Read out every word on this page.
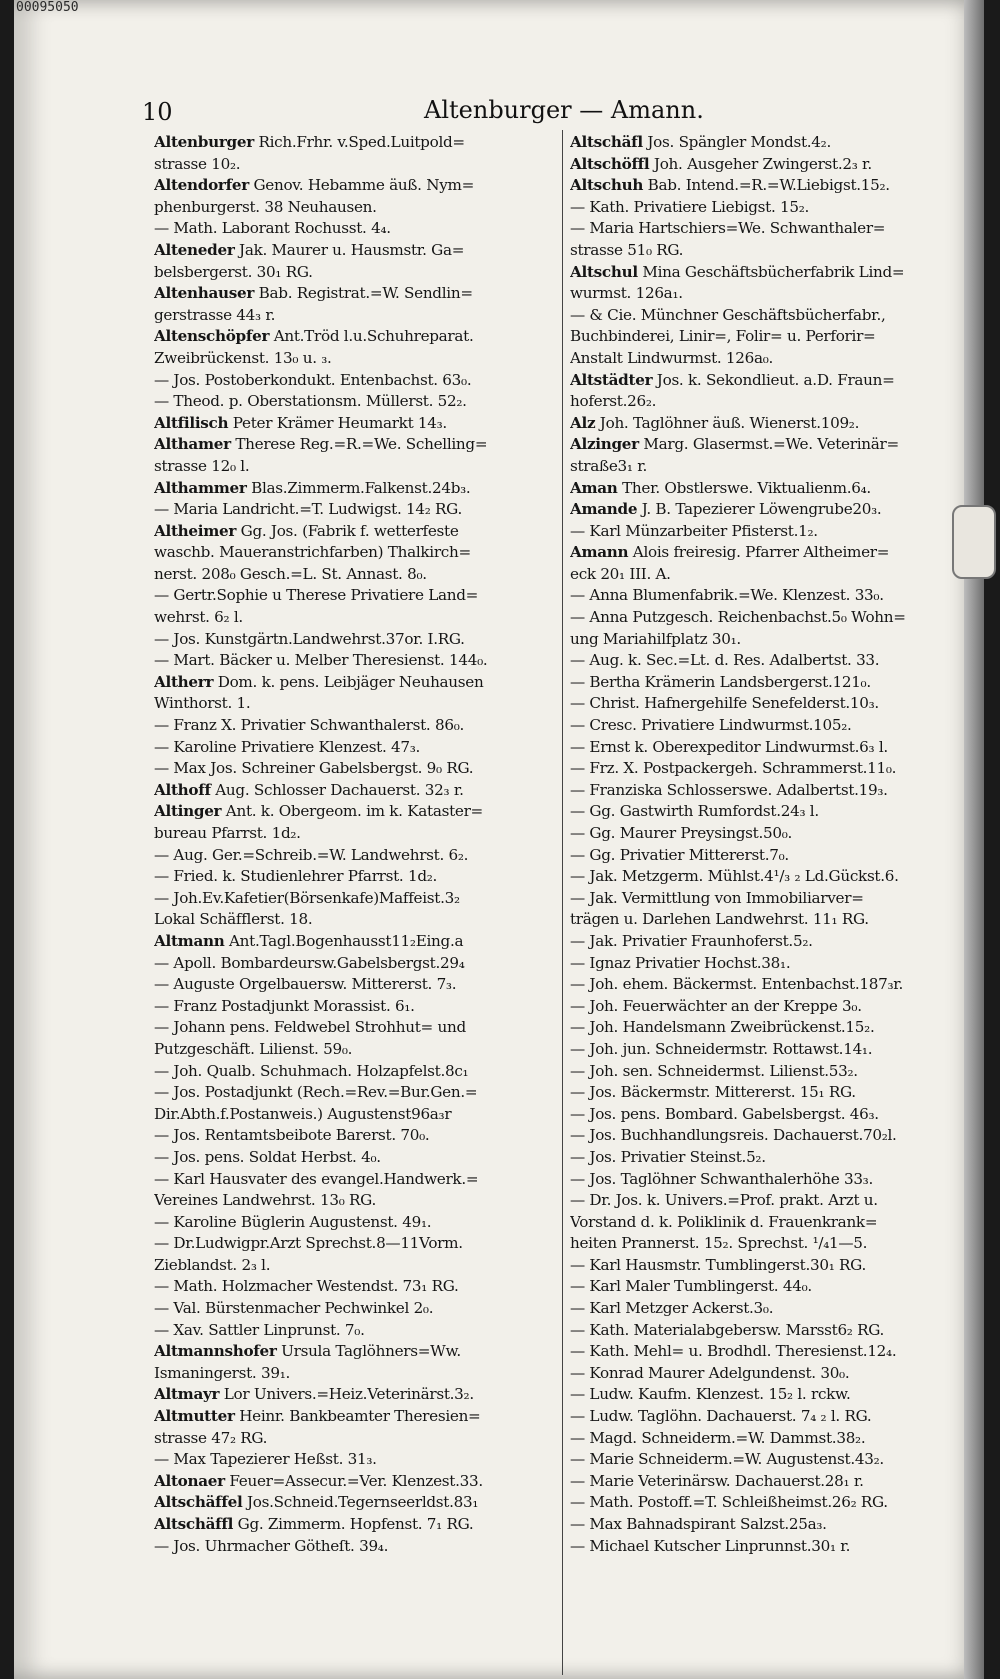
00095050
10	Altenburger — Amann.
Altenburger Rich.Frhr. v.Sped.Luitpold=
strasse 10₂.
Altendorfer Genov. Hebamme äuß. Nym=
phenburgerst. 38 Neuhausen.
— Math. Laborant Rochusst. 4₄.
Alteneder Jak. Maurer u. Hausmstr. Ga=
belsbergerst. 30₁ RG.
Altenhauser Bab. Registrat.=W. Sendlin=
gerstrasse 44₃ r.
Altenschöpfer Ant.Tröd l.u.Schuhreparat.
Zweibrückenst. 13₀ u. ₃.
— Jos. Postoberkondukt. Entenbachst. 63₀.
— Theod. p. Oberstationsm. Müllerst. 52₂.
Altfilisch Peter Krämer Heumarkt 14₃.
Althamer Therese Reg.=R.=We. Schelling=
strasse 12₀ l.
Althammer Blas.Zimmerm.Falkenst.24b₃.
— Maria Landricht.=T. Ludwigst. 14₂ RG.
Altheimer Gg. Jos. (Fabrik f. wetterfeste
waschb. Maueranstrichfarben) Thalkirch=
nerst. 208₀ Gesch.=L. St. Annast. 8₀.
— Gertr.Sophie u Therese Privatiere Land=
wehrst. 6₂ l.
— Jos. Kunstgärtn.Landwehrst.37or. I.RG.
— Mart. Bäcker u. Melber Theresienst. 144₀.
Altherr Dom. k. pens. Leibjäger Neuhausen
Winthorst. 1.
— Franz X. Privatier Schwanthalerst. 86₀.
— Karoline Privatiere Klenzest. 47₃.
— Max Jos. Schreiner Gabelsbergst. 9₀ RG.
Althoff Aug. Schlosser Dachauerst. 32₃ r.
Altinger Ant. k. Obergeom. im k. Kataster=
bureau Pfarrst. 1d₂.
— Aug. Ger.=Schreib.=W. Landwehrst. 6₂.
— Fried. k. Studienlehrer Pfarrst. 1d₂.
— Joh.Ev.Kafetier(Börsenkafe)Maffeist.3₂
Lokal Schäfflerst. 18.
Altmann Ant.Tagl.Bogenhausst11₂Eing.a
— Apoll. Bombardeursw.Gabelsbergst.29₄
— Auguste Orgelbauersw. Mittererst. 7₃.
— Franz Postadjunkt Morassist. 6₁.
— Johann pens. Feldwebel Strohhut= und
Putzgeschäft. Lilienst. 59₀.
— Joh. Qualb. Schuhmach. Holzapfelst.8c₁
— Jos. Postadjunkt (Rech.=Rev.=Bur.Gen.=
Dir.Abth.f.Postanweis.) Augustenst96a₃r
— Jos. Rentamtsbeibote Barerst. 70₀.
— Jos. pens. Soldat Herbst. 4₀.
— Karl Hausvater des evangel.Handwerk.=
Vereines Landwehrst. 13₀ RG.
— Karoline Büglerin Augustenst. 49₁.
— Dr.Ludwigpr.Arzt Sprechst.8—11Vorm.
Zieblandst. 2₃ l.
— Math. Holzmacher Westendst. 73₁ RG.
— Val. Bürstenmacher Pechwinkel 2₀.
— Xav. Sattler Linprunst. 7₀.
Altmannshofer Ursula Taglöhners=Ww.
Ismaningerst. 39₁.
Altmayr Lor Univers.=Heiz.Veterinärst.3₂.
Altmutter Heinr. Bankbeamter Theresien=
strasse 47₂ RG.
— Max Tapezierer Heßst. 31₃.
Altonaer Feuer=Assecur.=Ver. Klenzest.33.
Altschäffel Jos.Schneid.Tegernseerldst.83₁
Altschäffl Gg. Zimmerm. Hopfenst. 7₁ RG.
— Jos. Uhrmacher Götheſt. 39₄.
Altschäfl Jos. Spängler Mondst.4₂.
Altschöffl Joh. Ausgeher Zwingerst.2₃ r.
Altschuh Bab. Intend.=R.=W.Liebigst.15₂.
— Kath. Privatiere Liebigst. 15₂.
— Maria Hartschiers=We. Schwanthaler=
strasse 51₀ RG.
Altschul Mina Geschäftsbücherfabrik Lind=
wurmst. 126a₁.
— & Cie. Münchner Geschäftsbücherfabr.,
Buchbinderei, Linir=, Folir= u. Perforir=
Anstalt Lindwurmst. 126a₀.
Altstädter Jos. k. Sekondlieut. a.D. Fraun=
hoferst.26₂.
Alz Joh. Taglöhner äuß. Wienerst.109₂.
Alzinger Marg. Glasermst.=We. Veterinär=
straße3₁ r.
Aman Ther. Obstlerswe. Viktualienm.6₄.
Amande J. B. Tapezierer Löwengrube20₃.
— Karl Münzarbeiter Pfisterst.1₂.
Amann Alois freiresig. Pfarrer Altheimer=
eck 20₁ III. A.
— Anna Blumenfabrik.=We. Klenzest. 33₀.
— Anna Putzgesch. Reichenbachst.5₀ Wohn=
ung Mariahilfplatz 30₁.
— Aug. k. Sec.=Lt. d. Res. Adalbertst. 33.
— Bertha Krämerin Landsbergerst.121₀.
— Christ. Hafnergehilfe Senefelderst.10₃.
— Cresc. Privatiere Lindwurmst.105₂.
— Ernst k. Oberexpeditor Lindwurmst.6₃ l.
— Frz. X. Postpackergeh. Schrammerst.11₀.
— Franziska Schlosserswe. Adalbertst.19₃.
— Gg. Gastwirth Rumfordst.24₃ l.
— Gg. Maurer Preysingst.50₀.
— Gg. Privatier Mittererst.7₀.
— Jak. Metzgerm. Mühlst.4¹/₃ ₂ Ld.Gückst.6.
— Jak. Vermittlung von Immobiliarver=
trägen u. Darlehen Landwehrst. 11₁ RG.
— Jak. Privatier Fraunhoferst.5₂.
— Ignaz Privatier Hochst.38₁.
— Joh. ehem. Bäckermst. Entenbachst.187₃r.
— Joh. Feuerwächter an der Kreppe 3₀.
— Joh. Handelsmann Zweibrückenst.15₂.
— Joh. jun. Schneidermstr. Rottawst.14₁.
— Joh. sen. Schneidermst. Lilienst.53₂.
— Jos. Bäckermstr. Mittererst. 15₁ RG.
— Jos. pens. Bombard. Gabelsbergst. 46₃.
— Jos. Buchhandlungsreis. Dachauerst.70₂l.
— Jos. Privatier Steinst.5₂.
— Jos. Taglöhner Schwanthalerhöhe 33₃.
— Dr. Jos. k. Univers.=Prof. prakt. Arzt u.
Vorstand d. k. Poliklinik d. Frauenkrank=
heiten Prannerst. 15₂. Sprechst. ¹/₄1—5.
— Karl Hausmstr. Tumblingerst.30₁ RG.
— Karl Maler Tumblingerst. 44₀.
— Karl Metzger Ackerst.3₀.
— Kath. Materialabgebersw. Marsst6₂ RG.
— Kath. Mehl= u. Brodhdl. Theresienst.12₄.
— Konrad Maurer Adelgundenst. 30₀.
— Ludw. Kaufm. Klenzest. 15₂ l. rckw.
— Ludw. Taglöhn. Dachauerst. 7₄ ₂ l. RG.
— Magd. Schneiderm.=W. Dammst.38₂.
— Marie Schneiderm.=W. Augustenst.43₂.
— Marie Veterinärsw. Dachauerst.28₁ r.
— Math. Postoff.=T. Schleißheimst.26₂ RG.
— Max Bahnadspirant Salzst.25a₃.
— Michael Kutscher Linprunnst.30₁ r.
